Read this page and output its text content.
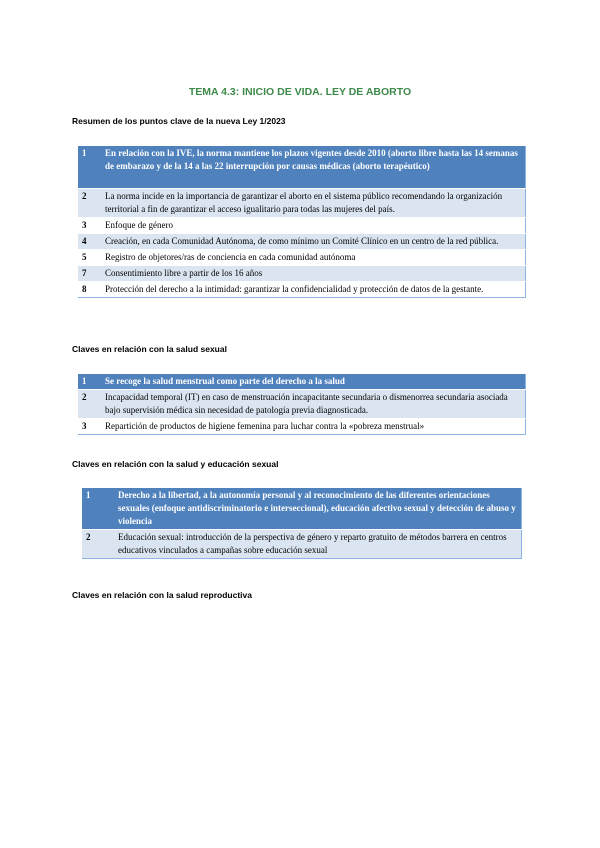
TEMA 4.3: INICIO DE VIDA. LEY DE ABORTO
Resumen de los puntos clave de la nueva Ley 1/2023
1	En relación con la IVE, la norma mantiene los plazos vigentes desde 2010 (aborto libre hasta las 14 semanas de embarazo y de la 14 a las 22 interrupción por causas médicas (aborto terapéutico)
2	La norma incide en la importancia de garantizar el aborto en el sistema público recomendando la organización territorial a fin de garantizar el acceso igualitario para todas las mujeres del país.
3	Enfoque de género
4	Creación, en cada Comunidad Autónoma, de como mínimo un Comité Clínico en un centro de la red pública.
5	Registro de objetores/ras de conciencia en cada comunidad autónoma
7	Consentimiento libre a partir de los 16 años
8	Protección del derecho a la intimidad: garantizar la confidencialidad y protección de datos de la gestante.
Claves en relación con la salud sexual
1	Se recoge la salud menstrual como parte del derecho a la salud
2	Incapacidad temporal (IT) en caso de menstruación incapacitante secundaria o dismenorrea secundaria asociada bajo supervisión médica sin necesidad de patología previa diagnosticada.
3	Repartición de productos de higiene femenina para luchar contra la «pobreza menstrual»
Claves en relación con la salud y educación sexual
1	Derecho a la libertad, a la autonomía personal y al reconocimiento de las diferentes orientaciones sexuales (enfoque antidiscriminatorio e interseccional), educación afectivo sexual y detección de abuso y violencia
2	Educación sexual: introducción de la perspectiva de género y reparto gratuito de métodos barrera en centros educativos vinculados a campañas sobre educación sexual
Claves en relación con la salud reproductiva
